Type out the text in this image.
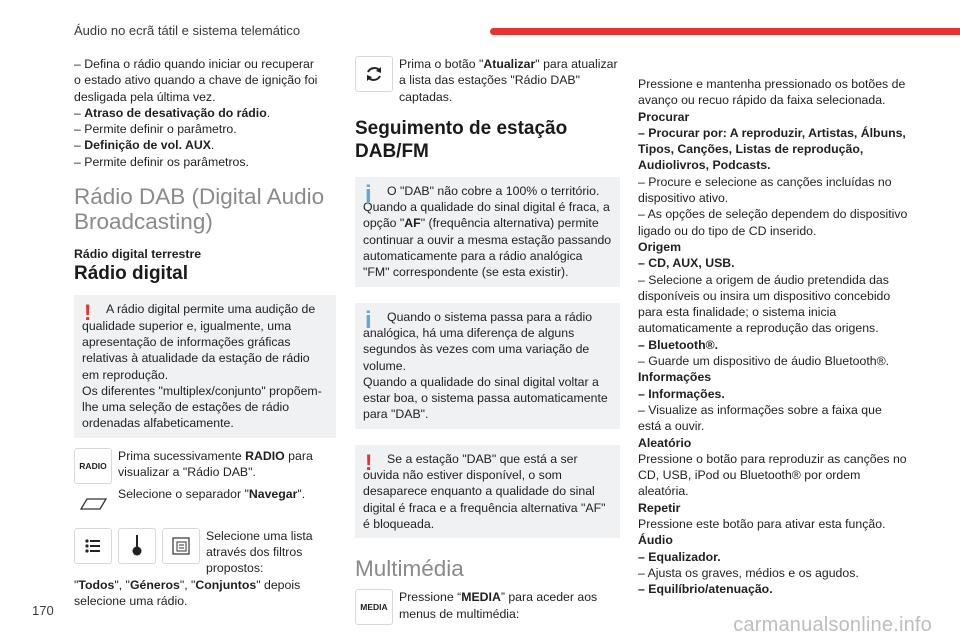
Áudio no ecrã tátil e sistema telemático

– Defina o rádio quando iniciar ou recuperar

o estado ativo quando a chave de ignição foi

desligada pela última vez.

– Atraso de desativação do rádio.

– Permite definir o parâmetro.

– Definição de vol. AUX.

– Permite definir os parâmetros.

Rádio DAB (Digital Audio Broadcasting)

Rádio digital terrestre

Rádio digital
!	A rádio digital permite uma audição de qualidade superior e, igualmente, uma apresentação de informações gráficas relativas à atualidade da estação de rádio em reprodução.
Os diferentes "multiplex/conjunto" propõem-lhe uma seleção de estações de rádio ordenadas alfabeticamente.

RADIO

Prima sucessivamente RADIO para visualizar a "Rádio DAB".

Selecione o separador "Navegar".

Selecione uma lista através dos filtros propostos:

"Todos", "Géneros", "Conjuntos" depois selecione uma rádio.

Prima o botão "Atualizar" para atualizar a lista das estações "Rádio DAB" captadas.

Seguimento de estação DAB/FM
i	O "DAB" não cobre a 100% o território. Quando a qualidade do sinal digital é fraca, a opção "AF" (frequência alternativa) permite continuar a ouvir a mesma estação passando automaticamente para a rádio analógica "FM" correspondente (se esta existir).

i	Quando o sistema passa para a rádio analógica, há uma diferença de alguns segundos às vezes com uma variação de volume.
Quando a qualidade do sinal digital voltar a estar boa, o sistema passa automaticamente para "DAB".

!	Se a estação "DAB" que está a ser ouvida não estiver disponível, o som desaparece enquanto a qualidade do sinal digital é fraca e a frequência alternativa "AF" é bloqueada.

Multimédia
MEDIA

Pressione “MEDIA” para aceder aos menus de multimédia:

Pressione e mantenha pressionado os botões de avanço ou recuo rápido da faixa selecionada.

Procurar

– Procurar por: A reproduzir, Artistas, Álbuns, Tipos, Canções, Listas de reprodução, Audiolivros, Podcasts.

– Procure e selecione as canções incluídas no dispositivo ativo.

– As opções de seleção dependem do dispositivo ligado ou do tipo de CD inserido.

Origem

– CD, AUX, USB.

– Selecione a origem de áudio pretendida das disponíveis ou insira um dispositivo concebido para esta finalidade; o sistema inicia automaticamente a reprodução das origens.

– Bluetooth®.

– Guarde um dispositivo de áudio Bluetooth®.

Informações

– Informações.

– Visualize as informações sobre a faixa que está a ouvir.

Aleatório

Pressione o botão para reproduzir as canções no CD, USB, iPod ou Bluetooth® por ordem aleatória.

Repetir

Pressione este botão para ativar esta função.

Áudio

– Equalizador.

– Ajusta os graves, médios e os agudos.

– Equilíbrio/atenuação.

170
carmanualsonline.info
